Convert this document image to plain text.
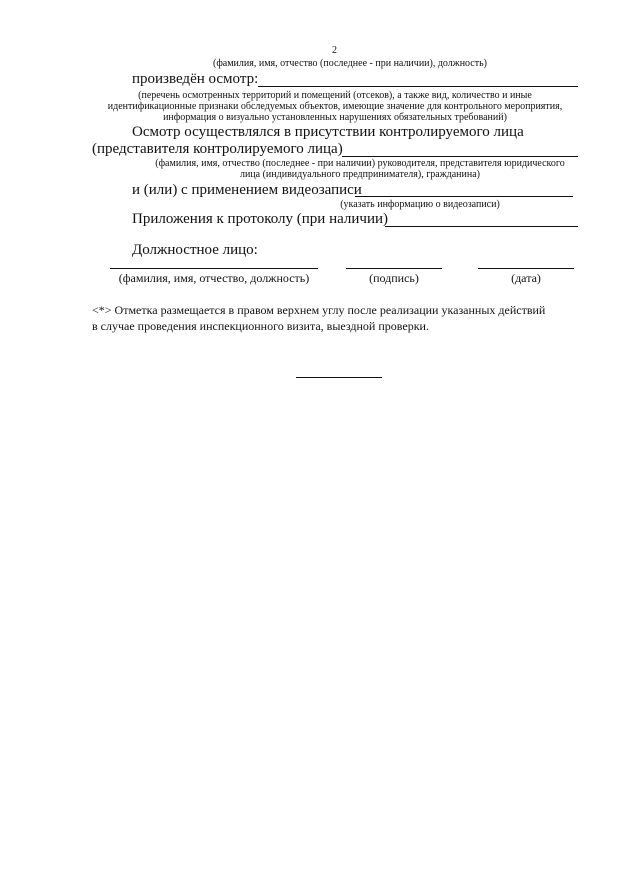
2
(фамилия, имя, отчество (последнее - при наличии), должность)
произведён осмотр:
(перечень осмотренных территорий и помещений (отсеков), а также вид, количество и иные
идентификационные признаки обследуемых объектов, имеющие значение для контрольного мероприятия,
информация о визуально установленных нарушениях обязательных требований)
Осмотр осуществлялся в присутствии контролируемого лица
(представителя контролируемого лица)
(фамилия, имя, отчество (последнее - при наличии) руководителя, представителя юридического
лица (индивидуального предпринимателя), гражданина)
и (или) с применением видеозаписи
(указать информацию о видеозаписи)
Приложения к протоколу (при наличии)
Должностное лицо:
(фамилия, имя, отчество, должность)	(подпись)	(дата)
<*> Отметка размещается в правом верхнем углу после реализации указанных действий
в случае проведения инспекционного визита, выездной проверки.
